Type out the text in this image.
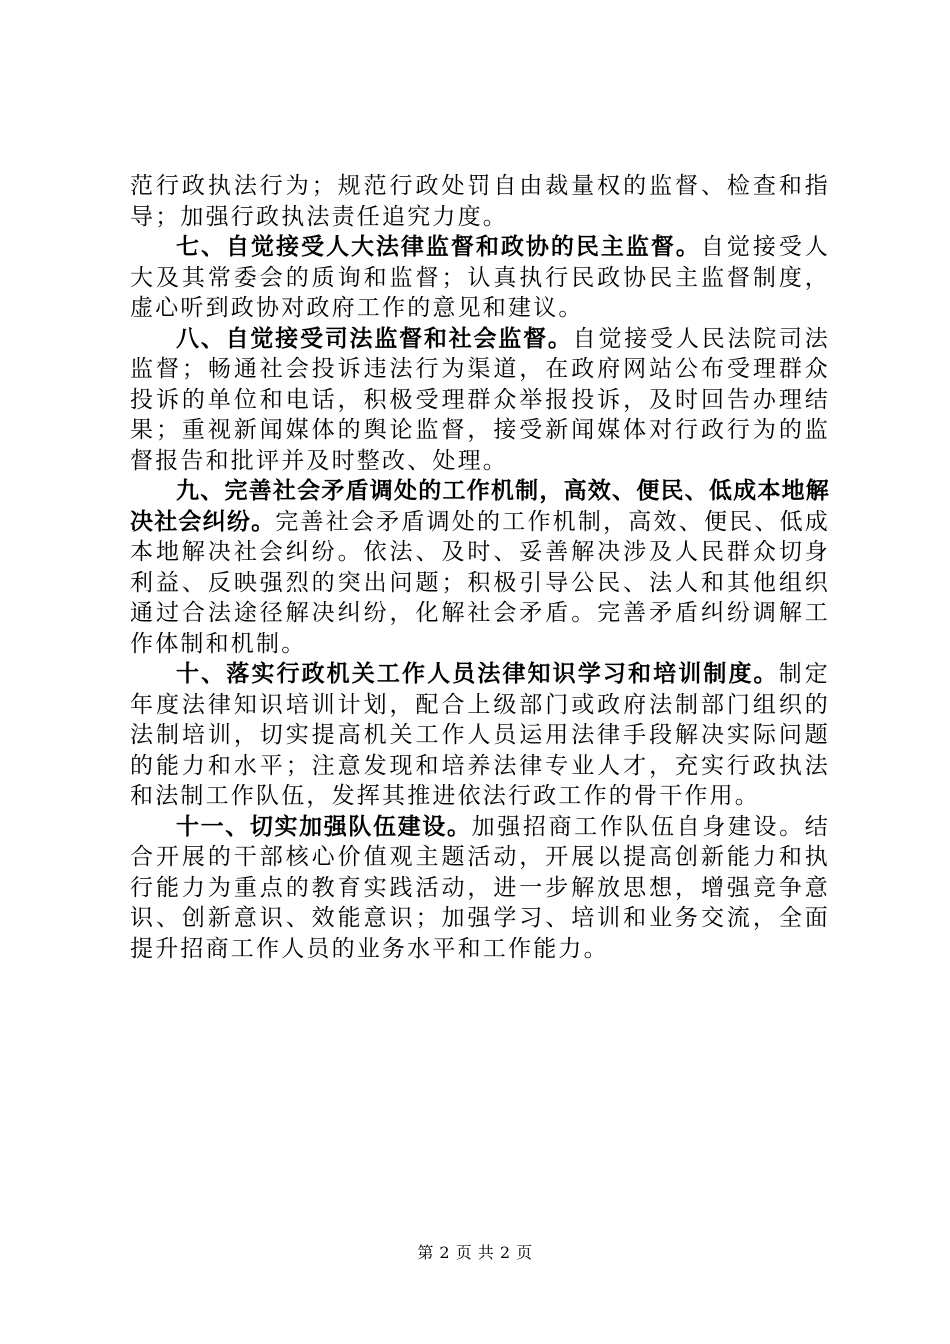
范行政执法行为；规范行政处罚自由裁量权的监督、检查和指导；加强行政执法责任追究力度。

七、自觉接受人大法律监督和政协的民主监督。自觉接受人大及其常委会的质询和监督；认真执行民政协民主监督制度，虚心听到政协对政府工作的意见和建议。

八、自觉接受司法监督和社会监督。自觉接受人民法院司法监督；畅通社会投诉违法行为渠道，在政府网站公布受理群众投诉的单位和电话，积极受理群众举报投诉，及时回告办理结果；重视新闻媒体的舆论监督，接受新闻媒体对行政行为的监督报告和批评并及时整改、处理。

九、完善社会矛盾调处的工作机制，高效、便民、低成本地解决社会纠纷。完善社会矛盾调处的工作机制，高效、便民、低成本地解决社会纠纷。依法、及时、妥善解决涉及人民群众切身利益、反映强烈的突出问题；积极引导公民、法人和其他组织通过合法途径解决纠纷，化解社会矛盾。完善矛盾纠纷调解工作体制和机制。

十、落实行政机关工作人员法律知识学习和培训制度。制定年度法律知识培训计划，配合上级部门或政府法制部门组织的法制培训，切实提高机关工作人员运用法律手段解决实际问题的能力和水平；注意发现和培养法律专业人才，充实行政执法和法制工作队伍，发挥其推进依法行政工作的骨干作用。

十一、切实加强队伍建设。加强招商工作队伍自身建设。结合开展的干部核心价值观主题活动，开展以提高创新能力和执行能力为重点的教育实践活动，进一步解放思想，增强竞争意识、创新意识、效能意识；加强学习、培训和业务交流，全面提升招商工作人员的业务水平和工作能力。

第 2 页 共 2 页
